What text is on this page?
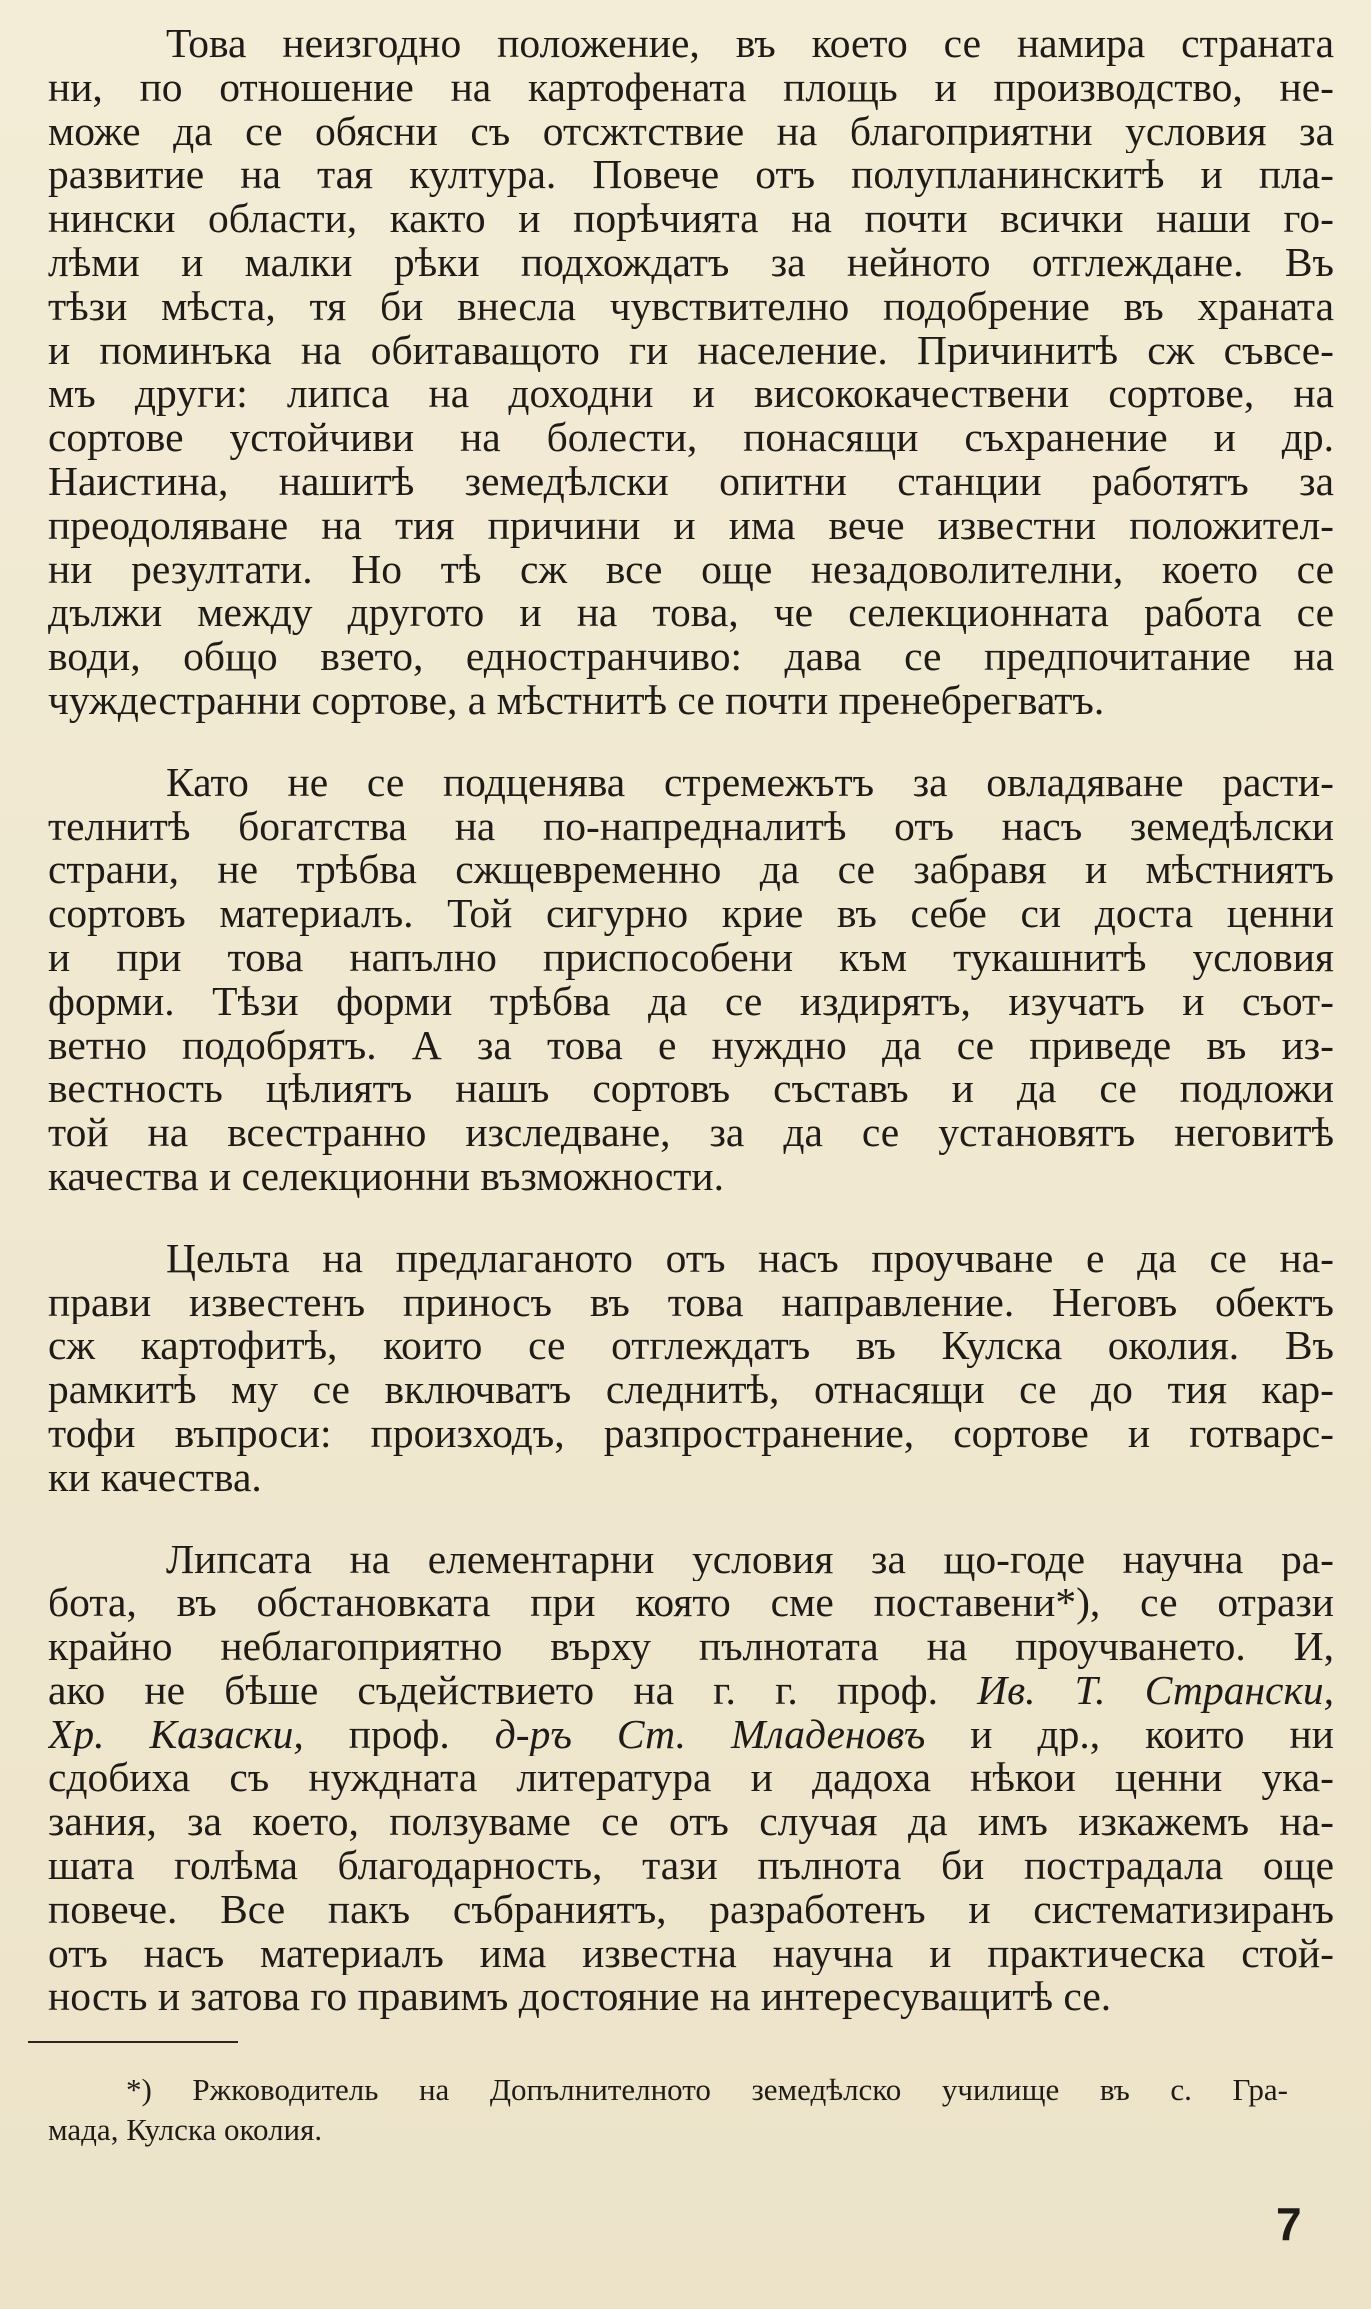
Това неизгодно положение, въ което се намира страната
ни, по отношение на картофената площь и производство, не-
може да се обясни съ отсжтствие на благоприятни условия за
развитие на тая култура. Повече отъ полупланинскитѣ и пла-
нински области, както и порѣчията на почти всички наши го-
лѣми и малки рѣки подхождатъ за нейното отглеждане. Въ
тѣзи мѣста, тя би внесла чувствително подобрение въ храната
и поминъка на обитаващото ги население. Причинитѣ сж съвсе-
мъ други: липса на доходни и висококачествени сортове, на
сортове устойчиви на болести, понасящи съхранение и др.
Наистина, нашитѣ земедѣлски опитни станции работятъ за
преодоляване на тия причини и има вече известни положител-
ни резултати. Но тѣ сж все още незадоволителни, което се
дължи между другото и на това, че селекционната работа се
води, общо взето, едностранчиво: дава се предпочитание на
чуждестранни сортове, а мѣстнитѣ се почти пренебрегватъ.
Като не се подценява стремежътъ за овладяване расти-
телнитѣ богатства на по-напредналитѣ отъ насъ земедѣлски
страни, не трѣбва сжщевременно да се забравя и мѣстниятъ
сортовъ материалъ. Той сигурно крие въ себе си доста ценни
и при това напълно приспособени към тукашнитѣ условия
форми. Тѣзи форми трѣбва да се издирятъ, изучатъ и съот-
ветно подобрятъ. А за това е нуждно да се приведе въ из-
вестность цѣлиятъ нашъ сортовъ съставъ и да се подложи
той на всестранно изследване, за да се установятъ неговитѣ
качества и селекционни възможности.
Цельта на предлаганото отъ насъ проучване е да се на-
прави известенъ приносъ въ това направление. Неговъ обектъ
сж картофитѣ, които се отглеждатъ въ Кулска околия. Въ
рамкитѣ му се включватъ следнитѣ, отнасящи се до тия кар-
тофи въпроси: произходъ, разпространение, сортове и готварс-
ки качества.
Липсата на елементарни условия за що-годе научна ра-
бота, въ обстановката при която сме поставени*), се отрази
крайно неблагоприятно върху пълнотата на проучването. И,
ако не бѣше съдействието на г. г. проф. Ив. Т. Странски,
Хр. Казаски, проф. д-ръ Ст. Младеновъ и др., които ни
сдобиха съ нуждната литература и дадоха нѣкои ценни ука-
зания, за което, ползуваме се отъ случая да имъ изкажемъ на-
шата голѣма благодарность, тази пълнота би пострадала още
повече. Все пакъ събраниятъ, разработенъ и систематизиранъ
отъ насъ материалъ има известна научна и практическа стой-
ность и затова го правимъ достояние на интересуващитѣ се.
*) Ржководитель на Допълнителното земедѣлско училище въ с. Гра-
мада, Кулска околия.
7
